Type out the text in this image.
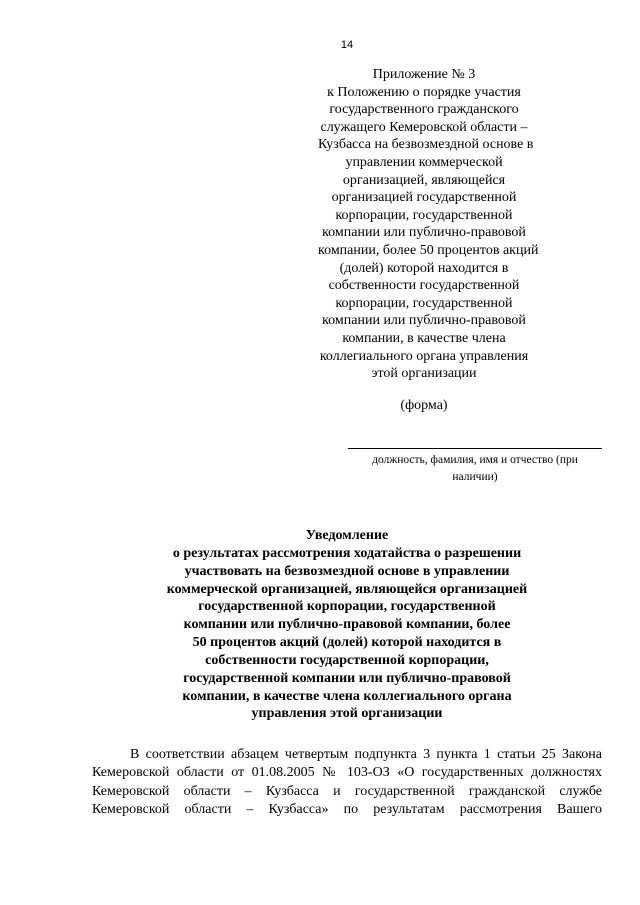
14
Приложение № 3
к Положению о порядке участия
государственного гражданского
служащего Кемеровской области –
Кузбасса на безвозмездной основе в
управлении коммерческой
организацией, являющейся
организацией государственной
корпорации, государственной
компании или публично-правовой
компании, более 50 процентов акций
(долей) которой находится в
собственности государственной
корпорации, государственной
компании или публично-правовой
компании, в качестве члена
коллегиального органа управления
этой организации
(форма)
должность, фамилия, имя и отчество (при
наличии)
Уведомление
о результатах рассмотрения ходатайства о разрешении
участвовать на безвозмездной основе в управлении
коммерческой организацией, являющейся организацией
государственной корпорации, государственной
компании или публично-правовой компании, более
50 процентов акций (долей) которой находится в
собственности государственной корпорации,
государственной компании или публично-правовой
компании, в качестве члена коллегиального органа
управления этой организации
В соответствии абзацем четвертым подпункта 3 пункта 1 статьи 25 Закона
Кемеровской области от 01.08.2005 № 103-ОЗ «О государственных должностях
Кемеровской области – Кузбасса и государственной гражданской службе
Кемеровской области – Кузбасса» по результатам рассмотрения Вашего
